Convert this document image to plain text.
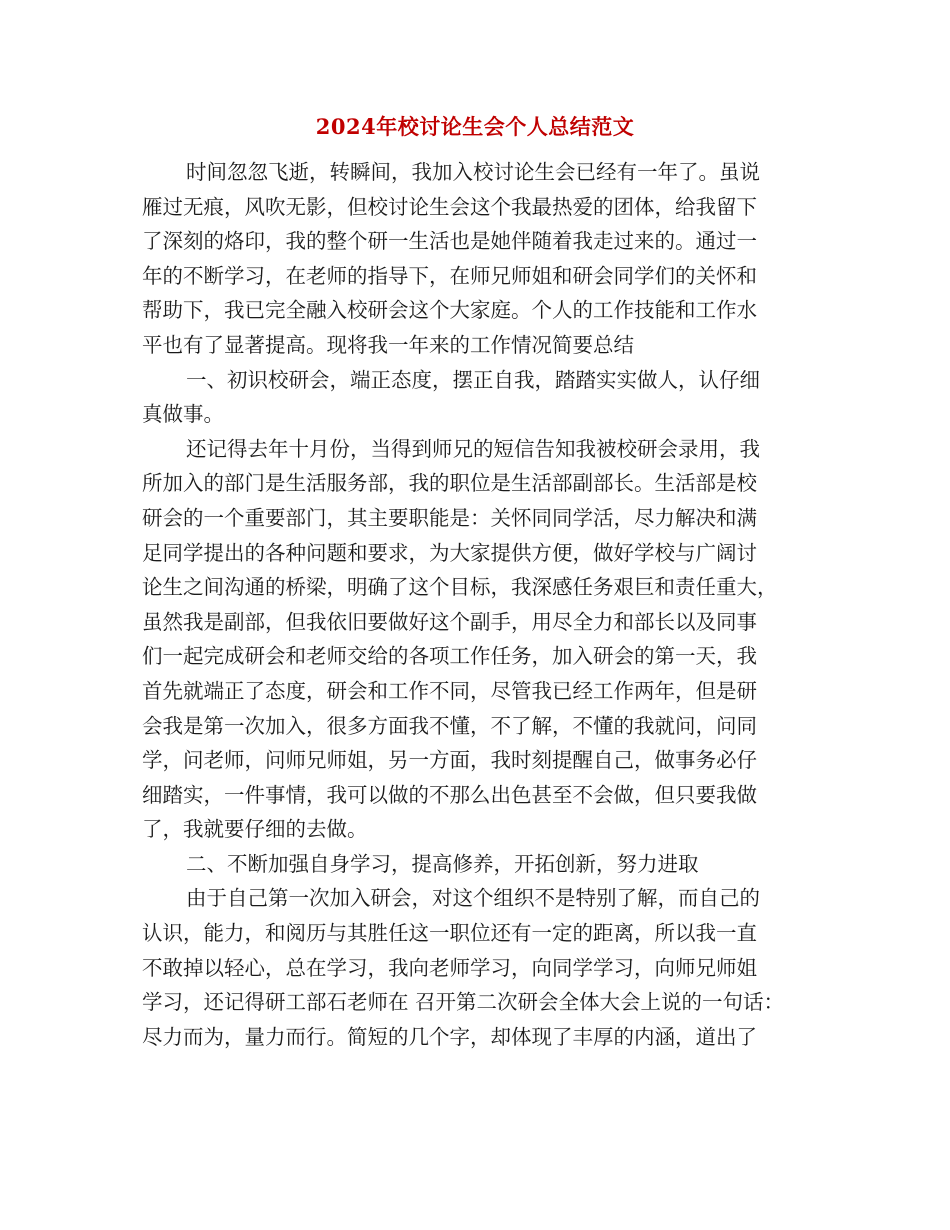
2024年校讨论生会个人总结范文
时间忽忽飞逝，转瞬间，我加入校讨论生会已经有一年了。虽说
雁过无痕，风吹无影，但校讨论生会这个我最热爱的团体，给我留下
了深刻的烙印，我的整个研一生活也是她伴随着我走过来的。通过一
年的不断学习，在老师的指导下，在师兄师姐和研会同学们的关怀和
帮助下，我已完全融入校研会这个大家庭。个人的工作技能和工作水
平也有了显著提高。现将我一年来的工作情况简要总结
一、初识校研会，端正态度，摆正自我，踏踏实实做人，认仔细
真做事。
还记得去年十月份，当得到师兄的短信告知我被校研会录用，我
所加入的部门是生活服务部，我的职位是生活部副部长。生活部是校
研会的一个重要部门，其主要职能是：关怀同同学活，尽力解决和满
足同学提出的各种问题和要求，为大家提供方便，做好学校与广阔讨
论生之间沟通的桥梁，明确了这个目标，我深感任务艰巨和责任重大，
虽然我是副部，但我依旧要做好这个副手，用尽全力和部长以及同事
们一起完成研会和老师交给的各项工作任务，加入研会的第一天，我
首先就端正了态度，研会和工作不同，尽管我已经工作两年，但是研
会我是第一次加入，很多方面我不懂，不了解，不懂的我就问，问同
学，问老师，问师兄师姐，另一方面，我时刻提醒自己，做事务必仔
细踏实，一件事情，我可以做的不那么出色甚至不会做，但只要我做
了，我就要仔细的去做。
二、不断加强自身学习，提高修养，开拓创新，努力进取
由于自己第一次加入研会，对这个组织不是特别了解，而自己的
认识，能力，和阅历与其胜任这一职位还有一定的距离，所以我一直
不敢掉以轻心，总在学习，我向老师学习，向同学学习，向师兄师姐
学习，还记得研工部石老师在 召开第二次研会全体大会上说的一句话：
尽力而为，量力而行。简短的几个字，却体现了丰厚的内涵，道出了
